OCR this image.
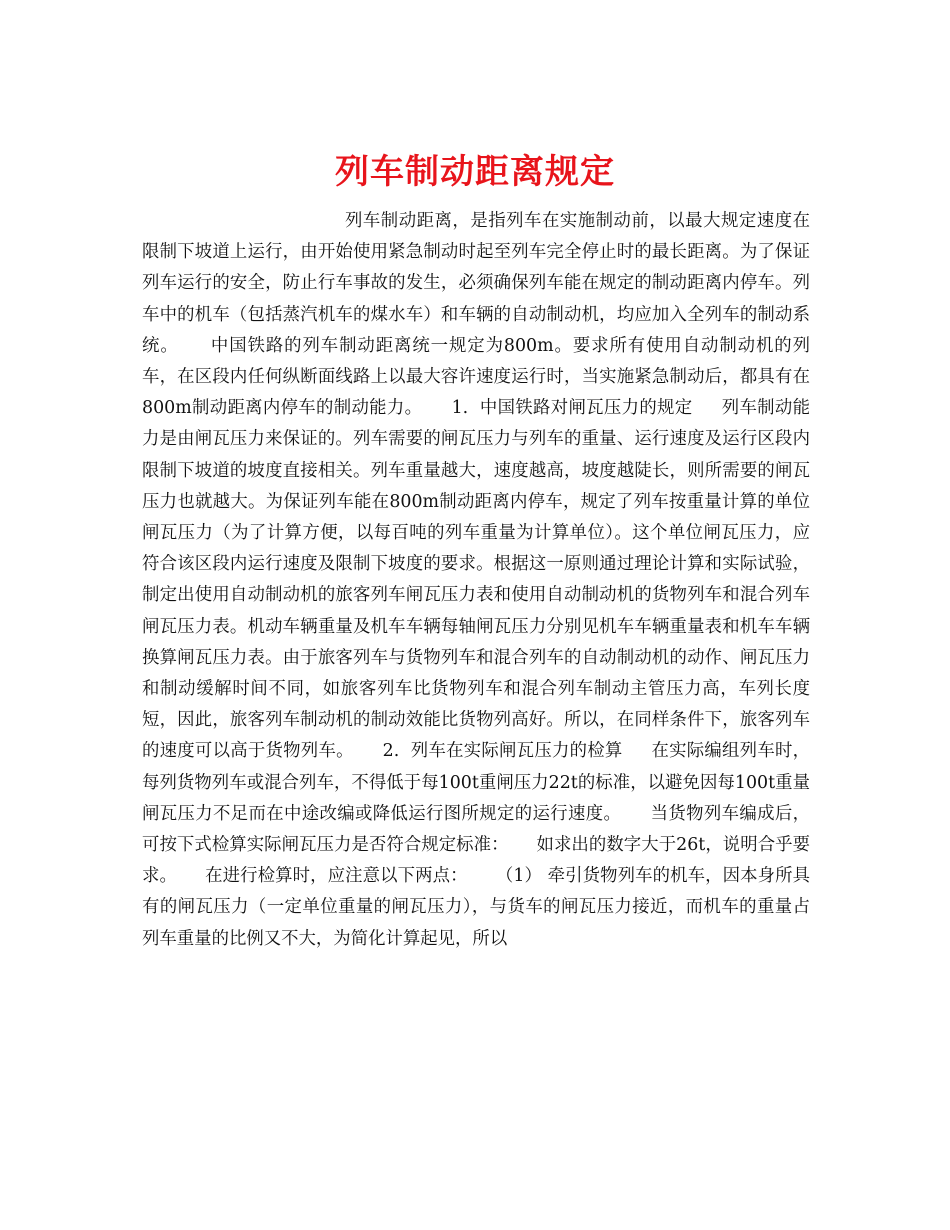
列车制动距离规定

列车制动距离，是指列车在实施制动前，以最大规定速度在限制下坡道上运行，由开始使用紧急制动时起至列车完全停止时的最长距离。为了保证列车运行的安全，防止行车事故的发生，必须确保列车能在规定的制动距离内停车。列车中的机车（包括蒸汽机车的煤水车）和车辆的自动制动机，均应加入全列车的制动系统。     中国铁路的列车制动距离统一规定为800m。要求所有使用自动制动机的列车，在区段内任何纵断面线路上以最大容许速度运行时，当实施紧急制动后，都具有在800m制动距离内停车的制动能力。     1.  中国铁路对闸瓦压力的规定     列车制动能力是由闸瓦压力来保证的。列车需要的闸瓦压力与列车的重量、运行速度及运行区段内限制下坡道的坡度直接相关。列车重量越大，速度越高，坡度越陡长，则所需要的闸瓦压力也就越大。为保证列车能在800m制动距离内停车，规定了列车按重量计算的单位闸瓦压力（为了计算方便，以每百吨的列车重量为计算单位）。这个单位闸瓦压力，应符合该区段内运行速度及限制下坡度的要求。根据这一原则通过理论计算和实际试验，制定出使用自动制动机的旅客列车闸瓦压力表和使用自动制动机的货物列车和混合列车闸瓦压力表。机动车辆重量及机车车辆每轴闸瓦压力分别见机车车辆重量表和机车车辆换算闸瓦压力表。由于旅客列车与货物列车和混合列车的自动制动机的动作、闸瓦压力和制动缓解时间不同，如旅客列车比货物列车和混合列车制动主管压力高，车列长度短，因此，旅客列车制动机的制动效能比货物列高好。所以，在同样条件下，旅客列车的速度可以高于货物列车。     2.  列车在实际闸瓦压力的检算     在实际编组列车时，每列货物列车或混合列车，不得低于每100t重闸压力22t的标准，以避免因每100t重量闸瓦压力不足而在中途改编或降低运行图所规定的运行速度。     当货物列车编成后，可按下式检算实际闸瓦压力是否符合规定标准：     如求出的数字大于26t，说明合乎要求。     在进行检算时，应注意以下两点：     （1） 牵引货物列车的机车，因本身所具有的闸瓦压力（一定单位重量的闸瓦压力），与货车的闸瓦压力接近，而机车的重量占列车重量的比例又不大，为简化计算起见，所以
